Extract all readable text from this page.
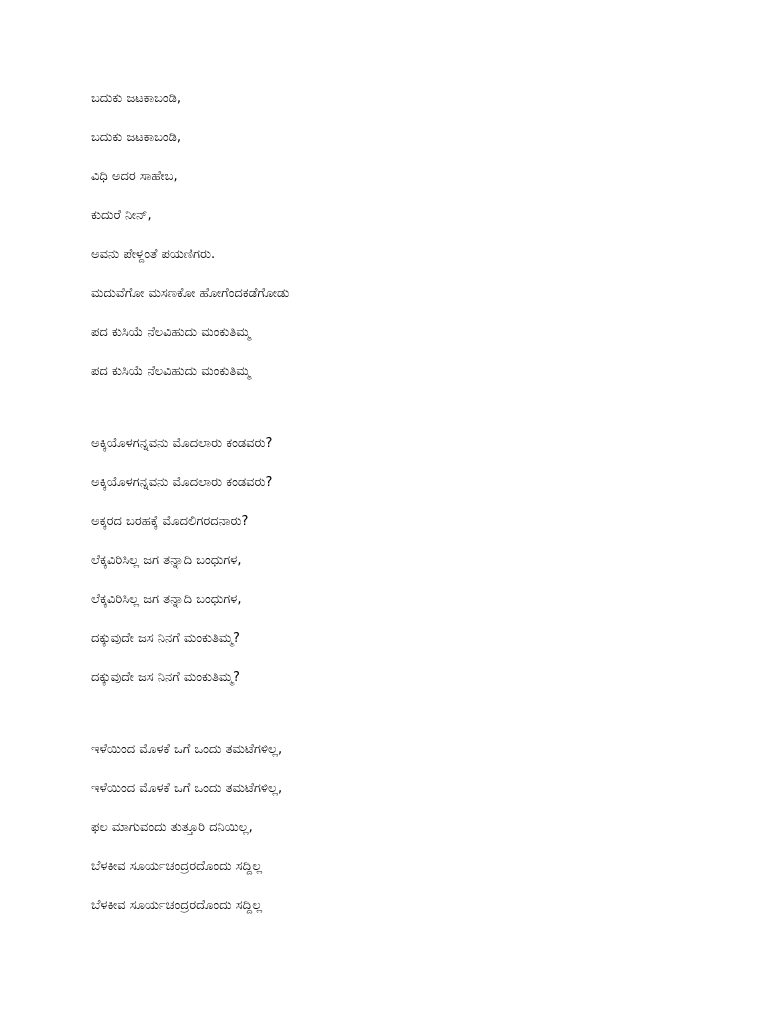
ಬದುಕು ಜಟಕಾಬಂಡಿ,
ಬದುಕು ಜಟಕಾಬಂಡಿ,
ವಿಧಿ ಅದರ ಸಾಹೇಬ,
ಕುದುರೆ ನೀನ್,
ಅವನು ಪೇಳ್ದಂತೆ ಪಯಣಿಗರು.
ಮದುವೆಗೋ ಮಸಣಕೋ ಹೋಗೆಂದಕಡೆಗೋಡು
ಪದ ಕುಸಿಯೆ ನೆಲವಿಹುದು ಮಂಕುತಿಮ್ಮ
ಪದ ಕುಸಿಯೆ ನೆಲವಿಹುದು ಮಂಕುತಿಮ್ಮ
ಅಕ್ಕಿಯೊಳಗನ್ನವನು ಮೊದಲಾರು ಕಂಡವರು?
ಅಕ್ಕಿಯೊಳಗನ್ನವನು ಮೊದಲಾರು ಕಂಡವರು?
ಅಕ್ಕರದ ಬರಹಕ್ಕೆ ಮೊದಲಿಗರದನಾರು?
ಲೆಕ್ಕವಿರಿಸಿಲ್ಲ ಜಗ ತನ್ನಾದಿ ಬಂಧುಗಳ,
ಲೆಕ್ಕವಿರಿಸಿಲ್ಲ ಜಗ ತನ್ನಾದಿ ಬಂಧುಗಳ,
ದಕ್ಕುವುದೇ ಜಸ ನಿನಗೆ ಮಂಕುತಿಮ್ಮ?
ದಕ್ಕುವುದೇ ಜಸ ನಿನಗೆ ಮಂಕುತಿಮ್ಮ?
ಇಳೆಯಿಂದ ಮೊಳಕೆ ಒಗೆ ಒಂದು ತಮಟೆಗಳಿಲ್ಲ,
ಇಳೆಯಿಂದ ಮೊಳಕೆ ಒಗೆ ಒಂದು ತಮಟೆಗಳಿಲ್ಲ,
ಫಲ ಮಾಗುವಂದು ತುತ್ತೂರಿ ದನಿಯಿಲ್ಲ,
ಬೆಳಕೀವ ಸೂರ್ಯಚಂದ್ರರದೊಂದು ಸದ್ದಿಲ್ಲ
ಬೆಳಕೀವ ಸೂರ್ಯಚಂದ್ರರದೊಂದು ಸದ್ದಿಲ್ಲ
